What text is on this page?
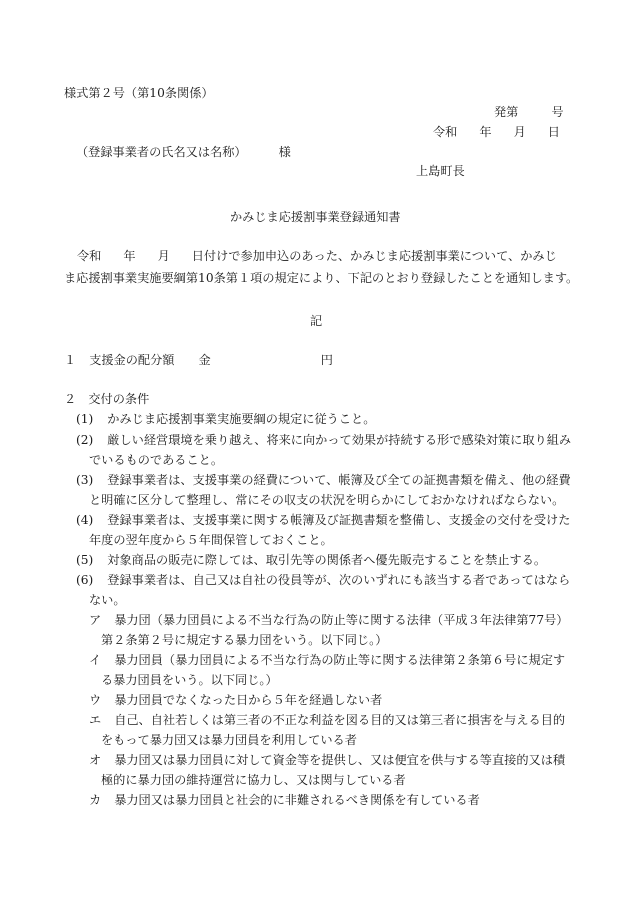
様式第２号（第10条関係）
発第	号
令和 年 月 日
（登録事業者の氏名又は名称）	様
上島町長
かみじま応援割事業登録通知書
令和 年 月 日付けで参加申込のあった、かみじま応援割事業について、かみじ
ま応援割事業実施要綱第10条第１項の規定により、下記のとおり登録したことを通知します。
記
１ 支援金の配分額 金	円
２　交付の条件
(1) かみじま応援割事業実施要綱の規定に従うこと。
(2) 厳しい経営環境を乗り越え、将来に向かって効果が持続する形で感染対策に取り組み
でいるものであること。
(3) 登録事業者は、支援事業の経費について、帳簿及び全ての証拠書類を備え、他の経費
と明確に区分して整理し、常にその収支の状況を明らかにしておかなければならない。
(4) 登録事業者は、支援事業に関する帳簿及び証拠書類を整備し、支援金の交付を受けた
年度の翌年度から５年間保管しておくこと。
(5) 対象商品の販売に際しては、取引先等の関係者へ優先販売することを禁止する。
(6) 登録事業者は、自己又は自社の役員等が、次のいずれにも該当する者であってはなら
ない。
ア 暴力団（暴力団員による不当な行為の防止等に関する法律（平成３年法律第77号）
第２条第２号に規定する暴力団をいう。以下同じ。）
イ 暴力団員（暴力団員による不当な行為の防止等に関する法律第２条第６号に規定す
る暴力団員をいう。以下同じ。）
ウ 暴力団員でなくなった日から５年を経過しない者
エ 自己、自社若しくは第三者の不正な利益を図る目的又は第三者に損害を与える目的
をもって暴力団又は暴力団員を利用している者
オ 暴力団又は暴力団員に対して資金等を提供し、又は便宜を供与する等直接的又は積
極的に暴力団の維持運営に協力し、又は関与している者
カ 暴力団又は暴力団員と社会的に非難されるべき関係を有している者
